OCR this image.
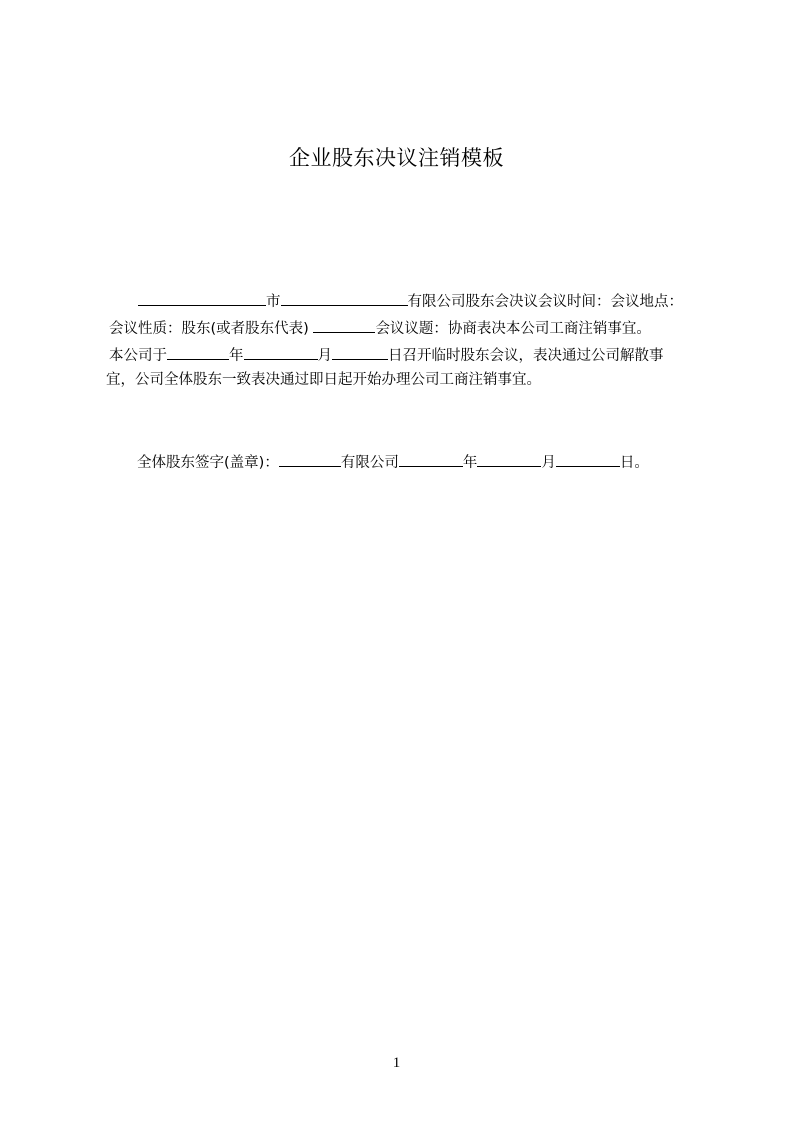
企业股东决议注销模板
市	有限公司股东会决议会议时间：会议地点：
会议性质：股东(或者股东代表)	会议议题：协商表决本公司工商注销事宜。
本公司于	年	月	日召开临时股东会议，表决通过公司解散事
宜，公司全体股东一致表决通过即日起开始办理公司工商注销事宜。
全体股东签字(盖章)：	有限公司	年	月	日。
1
